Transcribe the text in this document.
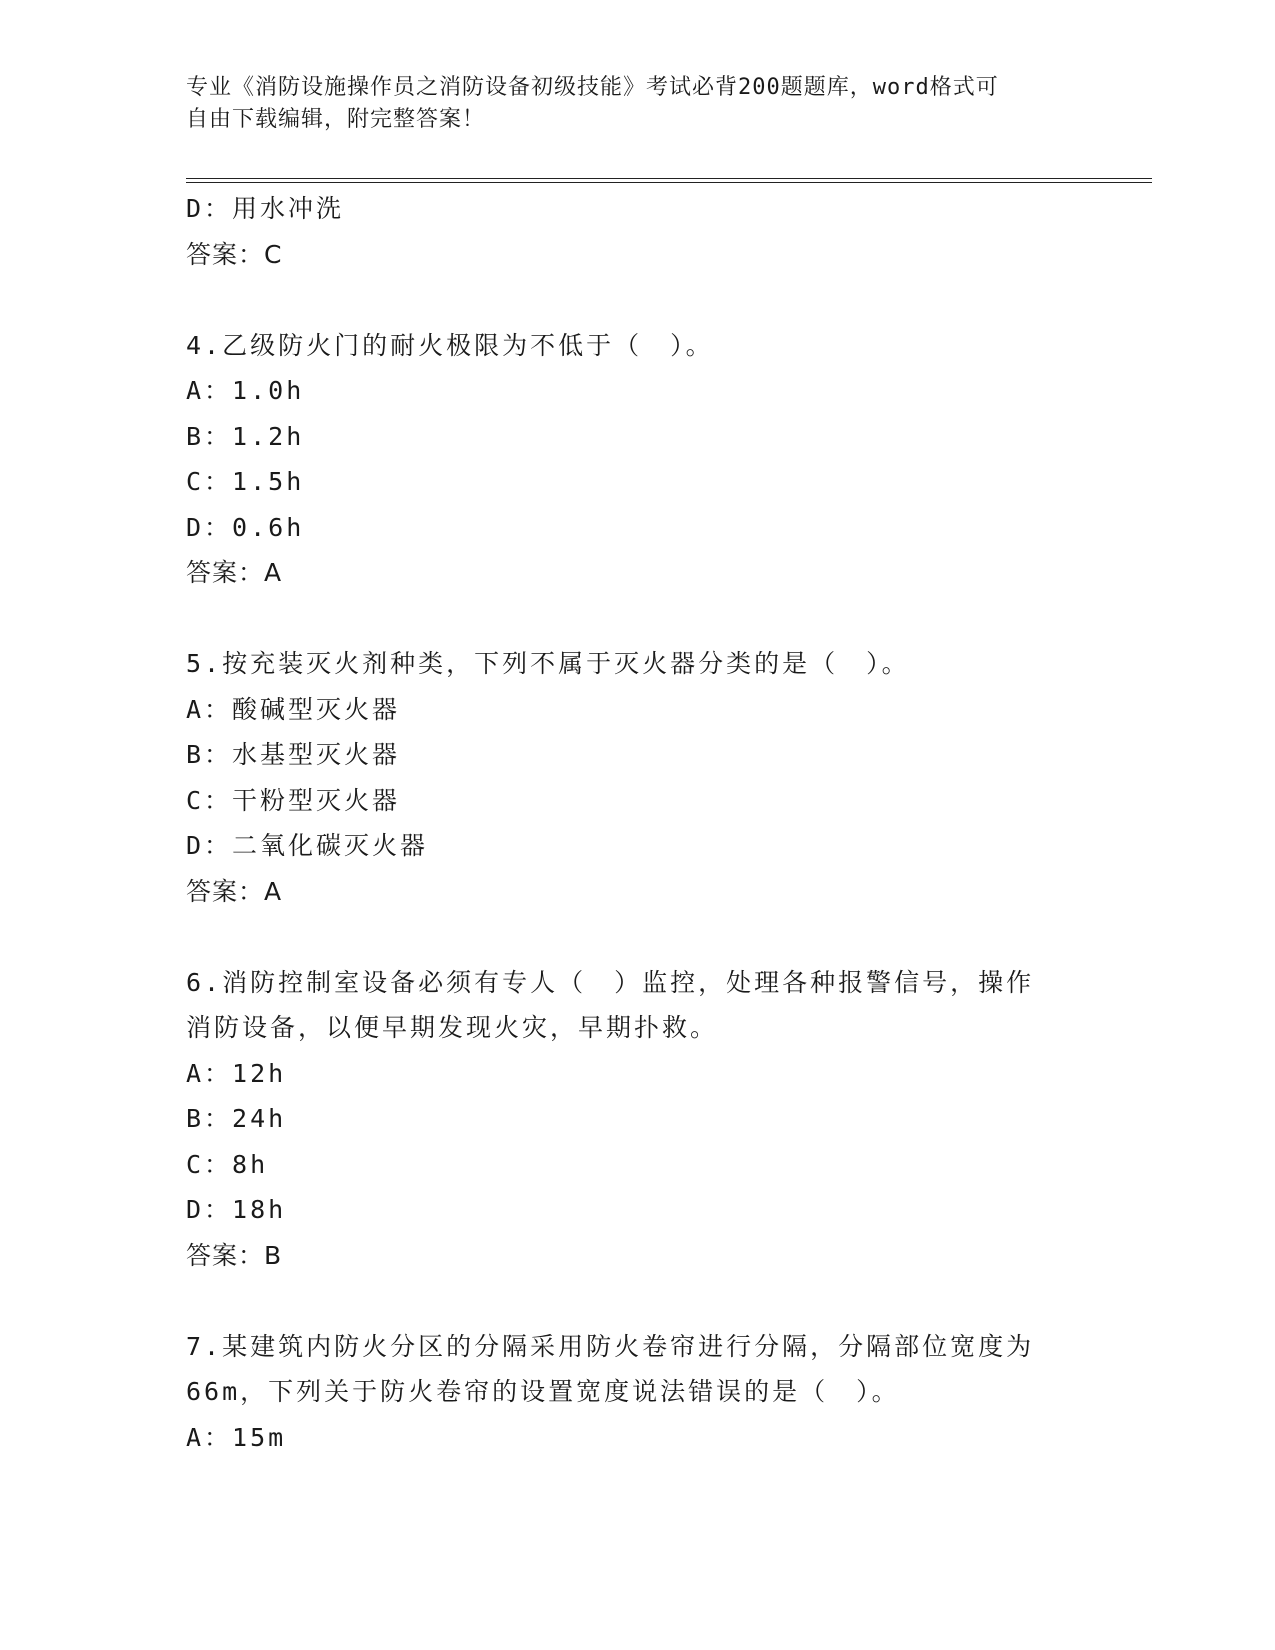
专业《消防设施操作员之消防设备初级技能》考试必背200题题库，word格式可
自由下载编辑，附完整答案！
D：用水冲洗
答案：C
4.乙级防火门的耐火极限为不低于（　）。
A：1.0h
B：1.2h
C：1.5h
D：0.6h
答案：A
5.按充装灭火剂种类，下列不属于灭火器分类的是（　）。
A：酸碱型灭火器
B：水基型灭火器
C：干粉型灭火器
D：二氧化碳灭火器
答案：A
6.消防控制室设备必须有专人（　）监控，处理各种报警信号，操作
消防设备，以便早期发现火灾，早期扑救。
A：12h
B：24h
C：8h
D：18h
答案：B
7.某建筑内防火分区的分隔采用防火卷帘进行分隔，分隔部位宽度为
66m，下列关于防火卷帘的设置宽度说法错误的是（　）。
A：15m
